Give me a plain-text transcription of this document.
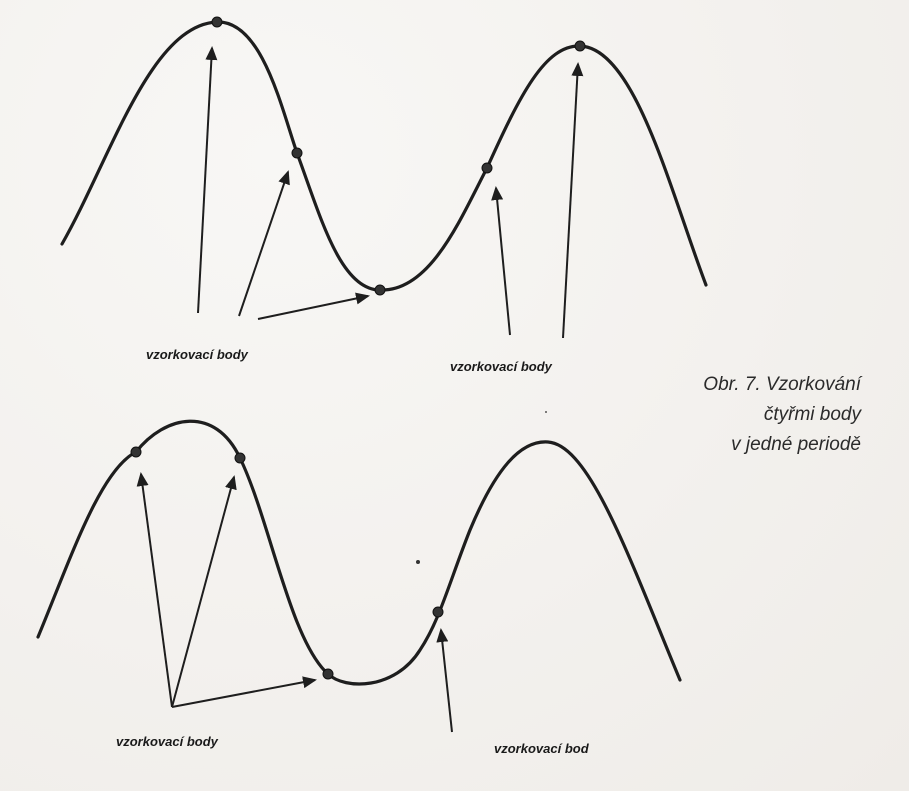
vzorkovací body
vzorkovací body
vzorkovací body	vzorkovací bod
Obr. 7. Vzorkování
čtyřmi body
v jedné periodě
